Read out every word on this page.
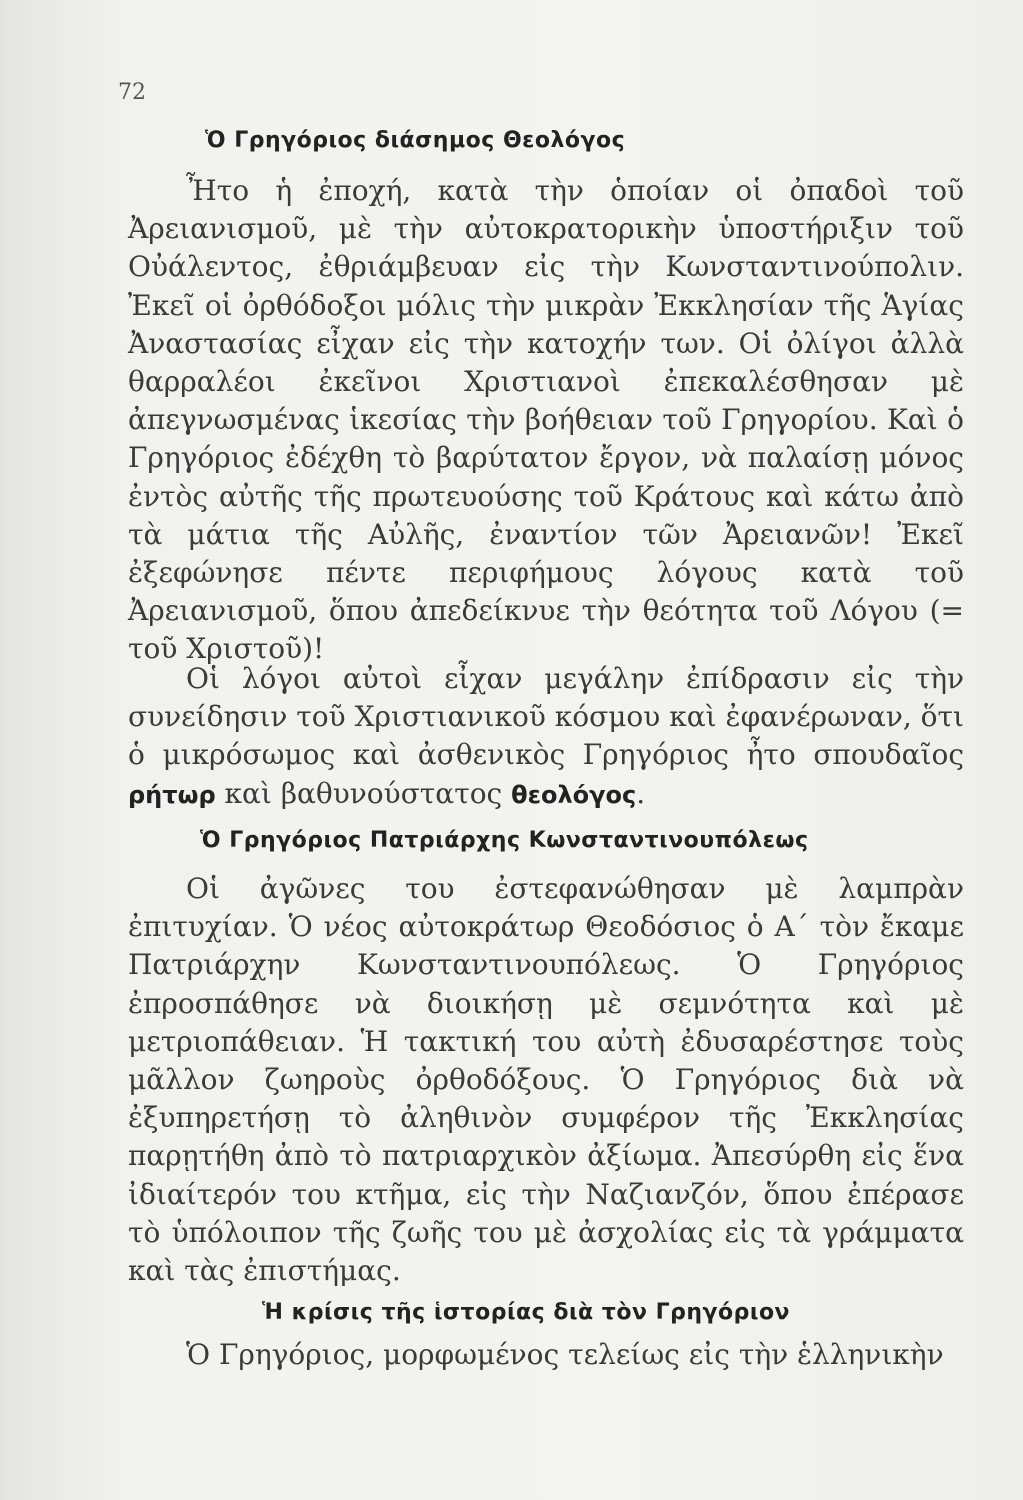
72
Ὁ Γρηγόριος διάσημος Θεολόγος

Ἦτο ἡ ἐποχή, κατὰ τὴν ὁποίαν οἱ ὀπαδοὶ τοῦ Ἀρειανισμοῦ, μὲ τὴν αὐτοκρατορικὴν ὑποστήριξιν τοῦ Οὐάλεντος, ἐθριάμβευαν εἰς τὴν Κωνσταντινούπολιν. Ἐκεῖ οἱ ὀρθόδοξοι μόλις τὴν μικρὰν Ἐκκλησίαν τῆς Ἁγίας Ἀναστασίας εἶχαν εἰς τὴν κατοχήν των. Οἱ ὀλίγοι ἀλλὰ θαρραλέοι ἐκεῖνοι Χριστιανοὶ ἐπεκαλέσθησαν μὲ ἀπεγνωσμένας ἱκεσίας τὴν βοήθειαν τοῦ Γρηγορίου. Καὶ ὁ Γρηγόριος ἐδέχθη τὸ βαρύτατον ἔργον, νὰ παλαίσῃ μόνος ἐντὸς αὐτῆς τῆς πρωτευούσης τοῦ Κράτους καὶ κάτω ἀπὸ τὰ μάτια τῆς Αὐλῆς, ἐναντίον τῶν Ἀρειανῶν! Ἐκεῖ ἐξεφώνησε πέντε περιφήμους λόγους κατὰ τοῦ Ἀρειανισμοῦ, ὅπου ἀπεδείκνυε τὴν θεότητα τοῦ Λόγου (= τοῦ Χριστοῦ)!

Οἱ λόγοι αὐτοὶ εἶχαν μεγάλην ἐπίδρασιν εἰς τὴν συνείδησιν τοῦ Χριστιανικοῦ κόσμου καὶ ἐφανέρωναν, ὅτι ὁ μικρόσωμος καὶ ἀσθενικὸς Γρηγόριος ἦτο σπουδαῖος ρήτωρ καὶ βαθυνούστατος θεολόγος.

Ὁ Γρηγόριος Πατριάρχης Κωνσταντινουπόλεως

Οἱ ἀγῶνες του ἐστεφανώθησαν μὲ λαμπρὰν ἐπιτυχίαν. Ὁ νέος αὐτοκράτωρ Θεοδόσιος ὁ Α΄ τὸν ἔκαμε Πατριάρχην Κωνσταντινουπόλεως. Ὁ Γρηγόριος ἐπροσπάθησε νὰ διοικήσῃ μὲ σεμνότητα καὶ μὲ μετριοπάθειαν. Ἡ τακτική του αὐτὴ ἐδυσαρέστησε τοὺς μᾶλλον ζωηροὺς ὀρθοδόξους. Ὁ Γρηγόριος διὰ νὰ ἐξυπηρετήσῃ τὸ ἀληθινὸν συμφέρον τῆς Ἐκκλησίας παρῃτήθη ἀπὸ τὸ πατριαρχικὸν ἀξίωμα. Ἀπεσύρθη εἰς ἕνα ἰδιαίτερόν του κτῆμα, εἰς τὴν Ναζιανζόν, ὅπου ἐπέρασε τὸ ὑπόλοιπον τῆς ζωῆς του μὲ ἀσχολίας εἰς τὰ γράμματα καὶ τὰς ἐπιστήμας.

Ἡ κρίσις τῆς ἱστορίας διὰ τὸν Γρηγόριον

Ὁ Γρηγόριος, μορφωμένος τελείως εἰς τὴν ἑλληνικὴν
